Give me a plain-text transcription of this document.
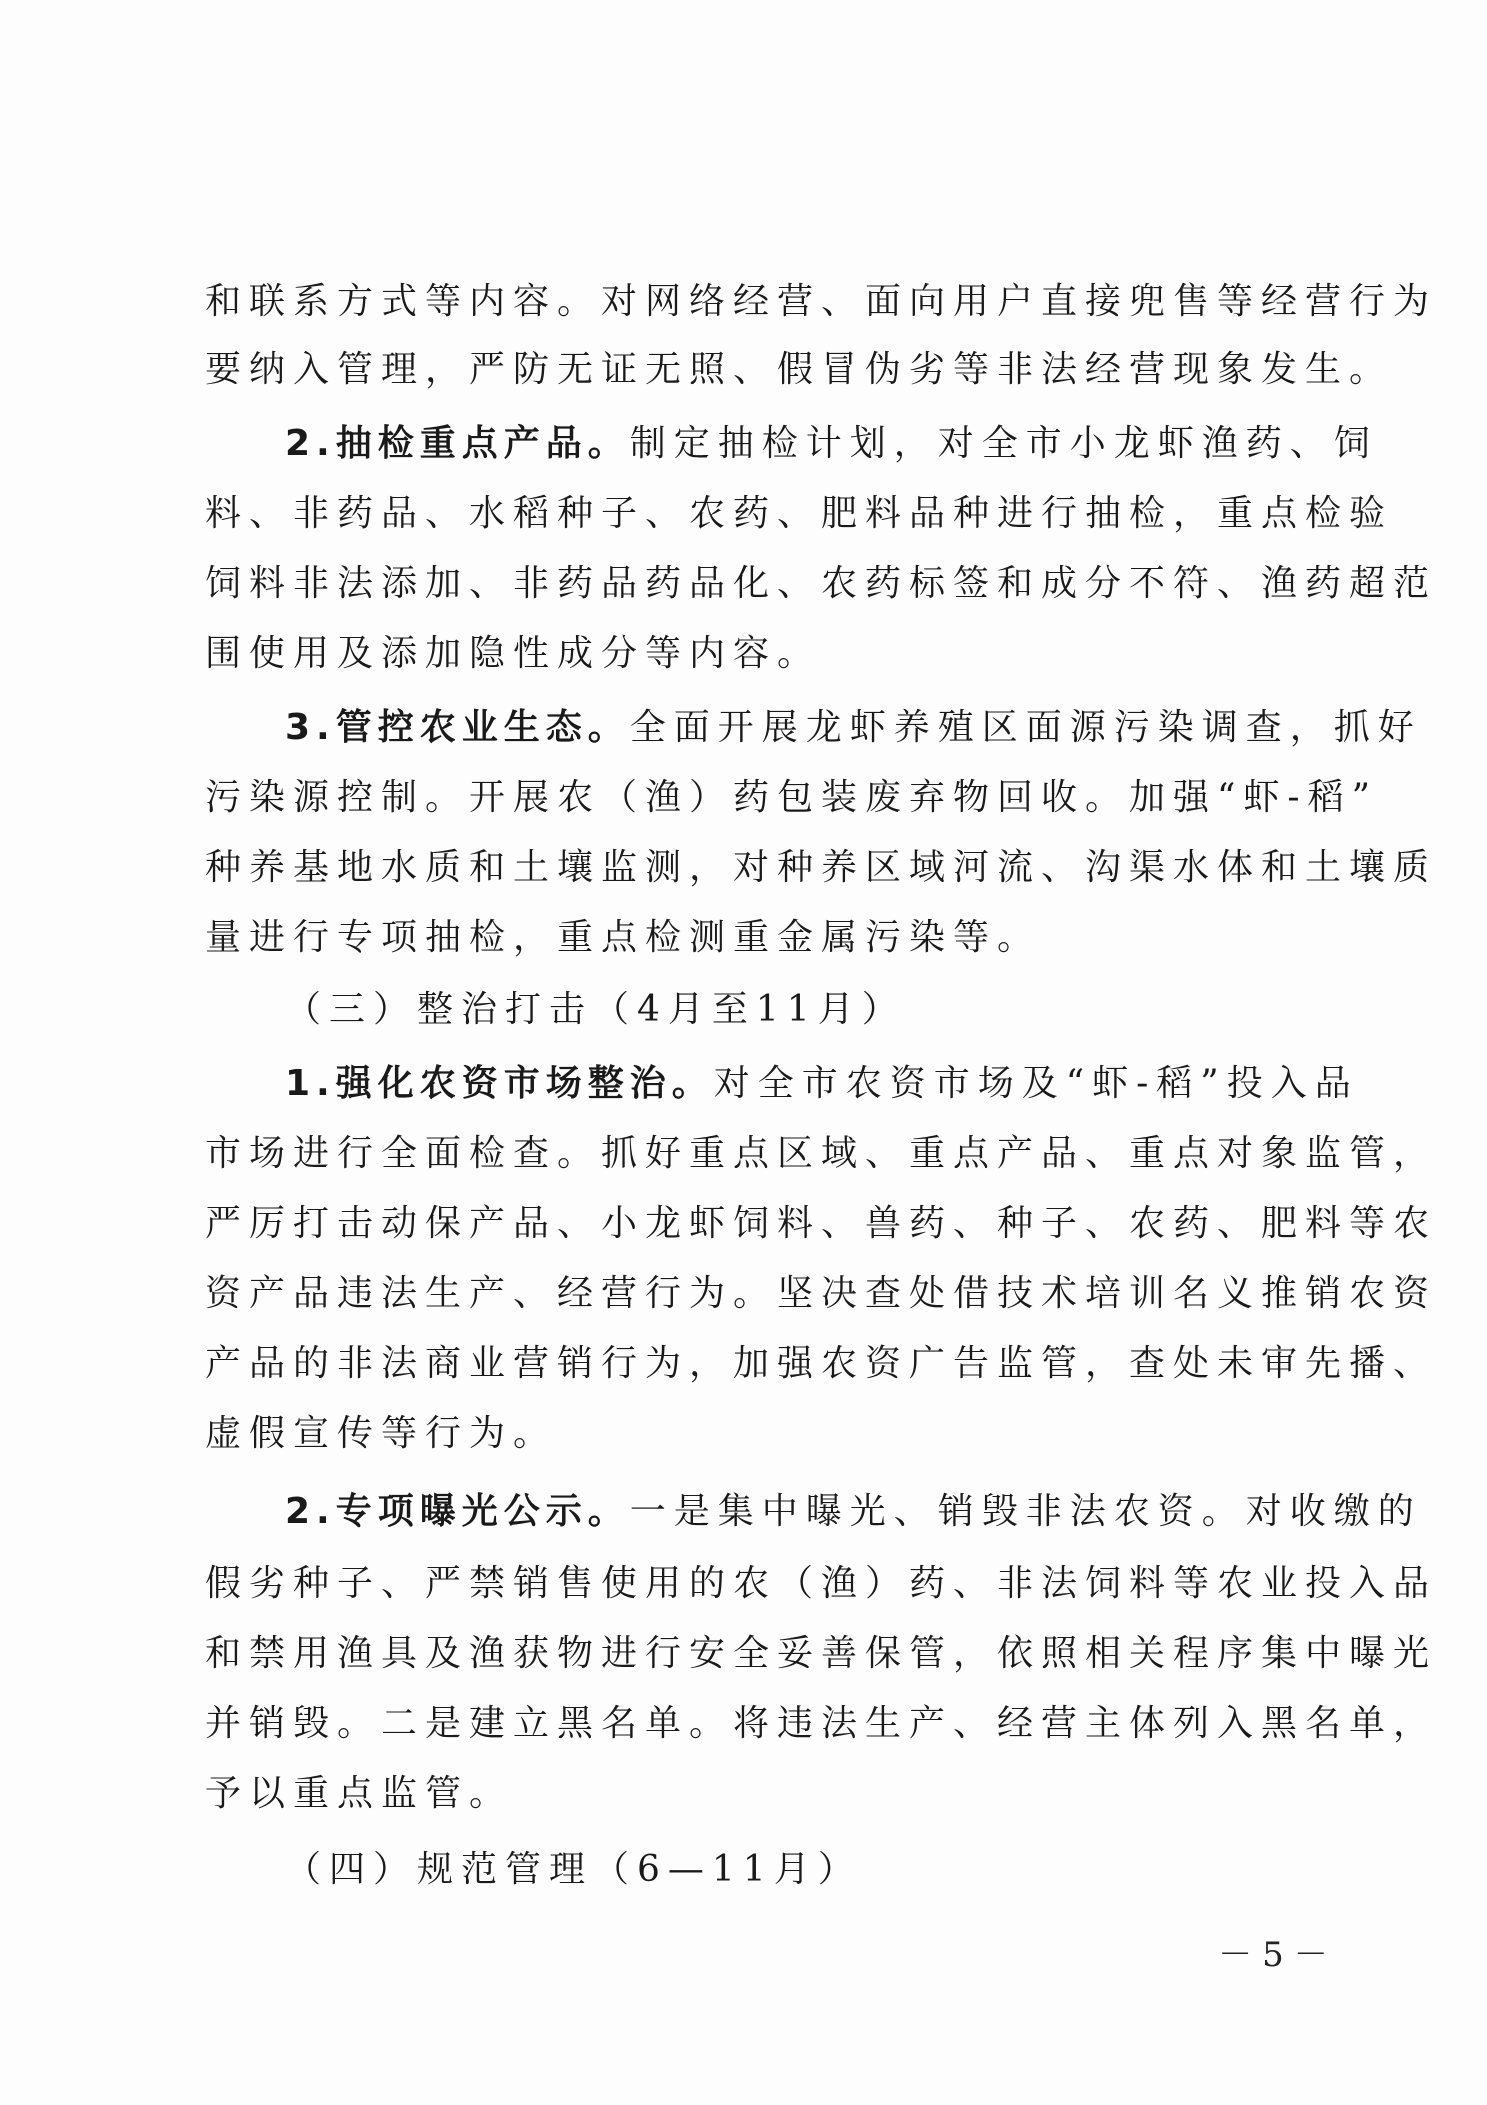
和联系方式等内容。对网络经营、面向用户直接兜售等经营行为
要纳入管理，严防无证无照、假冒伪劣等非法经营现象发生。
2.抽检重点产品。制定抽检计划，对全市小龙虾渔药、饲
料、非药品、水稻种子、农药、肥料品种进行抽检，重点检验
饲料非法添加、非药品药品化、农药标签和成分不符、渔药超范
围使用及添加隐性成分等内容。
3.管控农业生态。全面开展龙虾养殖区面源污染调查，抓好
污染源控制。开展农（渔）药包装废弃物回收。加强“虾-稻”
种养基地水质和土壤监测，对种养区域河流、沟渠水体和土壤质
量进行专项抽检，重点检测重金属污染等。
（三）整治打击（4月至11月）
1.强化农资市场整治。对全市农资市场及“虾-稻”投入品
市场进行全面检查。抓好重点区域、重点产品、重点对象监管，
严厉打击动保产品、小龙虾饲料、兽药、种子、农药、肥料等农
资产品违法生产、经营行为。坚决查处借技术培训名义推销农资
产品的非法商业营销行为，加强农资广告监管，查处未审先播、
虚假宣传等行为。
2.专项曝光公示。一是集中曝光、销毁非法农资。对收缴的
假劣种子、严禁销售使用的农（渔）药、非法饲料等农业投入品
和禁用渔具及渔获物进行安全妥善保管，依照相关程序集中曝光
并销毁。二是建立黑名单。将违法生产、经营主体列入黑名单，
予以重点监管。
（四）规范管理（6—11月）
－5－
